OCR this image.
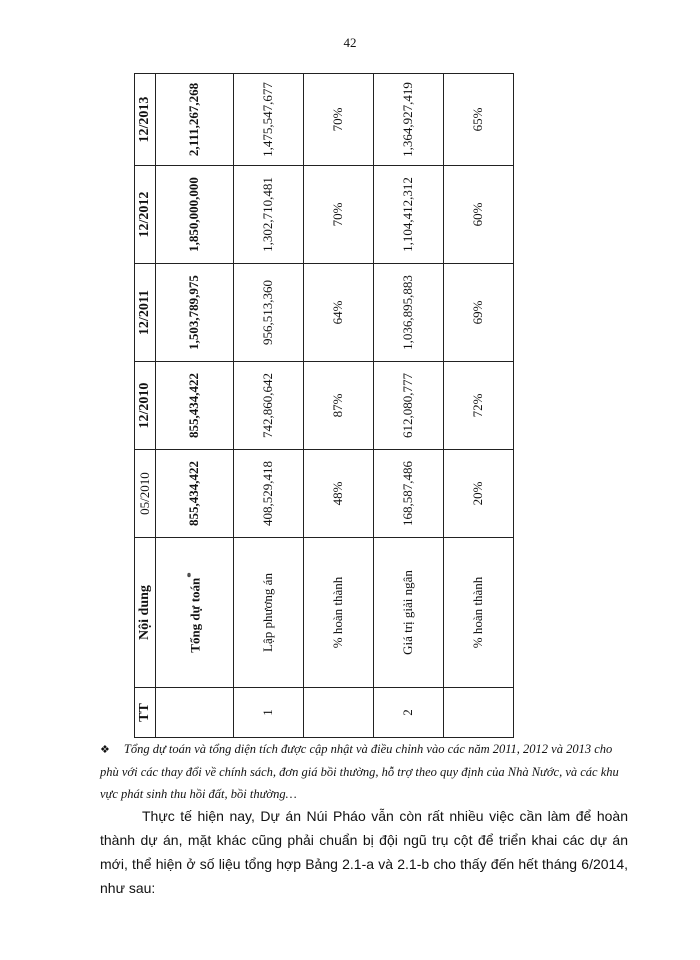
42
TT	Nội dung	05/2010	12/2010	12/2011	12/2012	12/2013
	Tổng dự toán*	855,434,422	855,434,422	1,503,789,975	1,850,000,000	2,111,267,268
1	Lập phương án	408,529,418	742,860,642	956,513,360	1,302,710,481	1,475,547,677
	% hoàn thành	48%	87%	64%	70%	70%
2	Giá trị giải ngân	168,587,486	612,080,777	1,036,895,883	1,104,412,312	1,364,927,419
	% hoàn thành	20%	72%	69%	60%	65%
❖ Tổng dự toán và tổng diện tích được cập nhật và điều chỉnh vào các năm 2011, 2012 và 2013 cho phù với các thay đổi về chính sách, đơn giá bồi thường, hỗ trợ theo quy định của Nhà Nước, và các khu vực phát sinh thu hồi đất, bồi thường…

Thực tế hiện nay, Dự án Núi Pháo vẫn còn rất nhiều việc cần làm để hoàn thành dự án, mặt khác cũng phải chuẩn bị đội ngũ trụ cột để triển khai các dự án mới, thể hiện ở số liệu tổng hợp Bảng 2.1-a và 2.1-b cho thấy đến hết tháng 6/2014, như sau:
